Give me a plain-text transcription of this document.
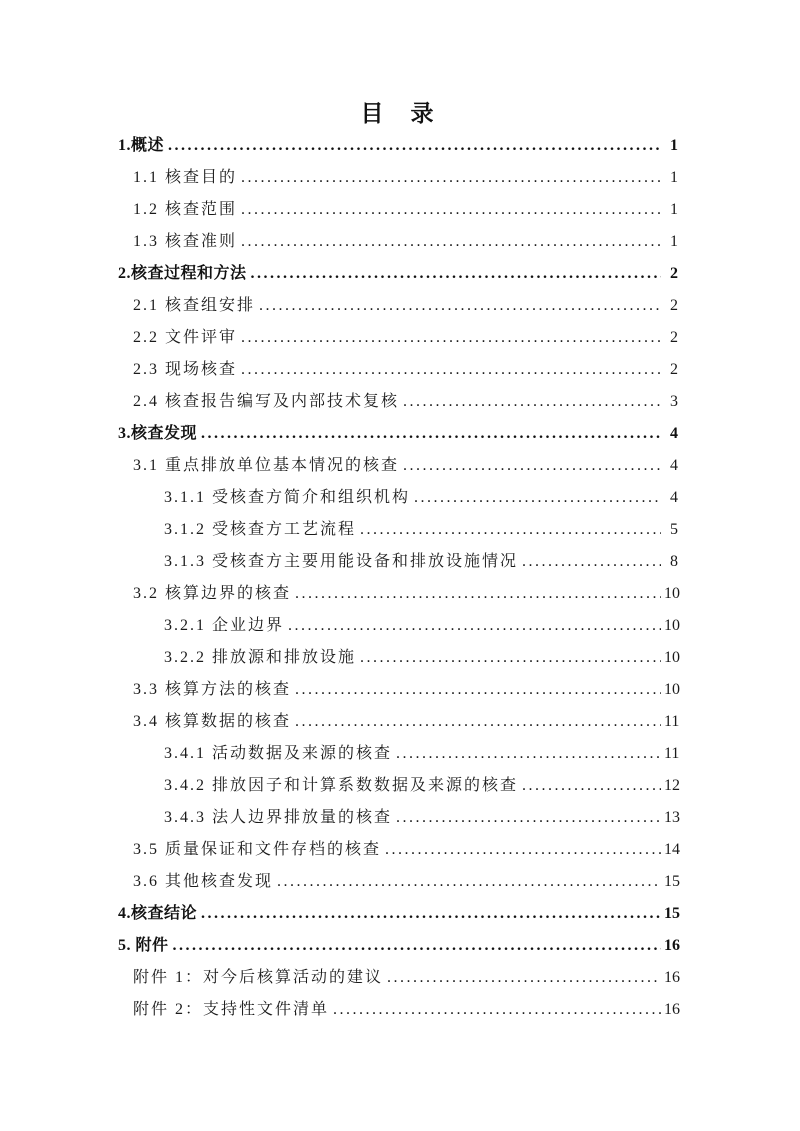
目　录
1.概述 .....	1
1.1 核查目的 .....	1
1.2 核查范围 .....	1
1.3 核查准则 .....	1
2.核查过程和方法 .....	2
2.1 核查组安排 .....	2
2.2 文件评审 .....	2
2.3 现场核查 .....	2
2.4 核查报告编写及内部技术复核 .....	3
3.核查发现 .....	4
3.1 重点排放单位基本情况的核查 .....	4
3.1.1 受核查方简介和组织机构 .....	4
3.1.2 受核查方工艺流程 .....	5
3.1.3 受核查方主要用能设备和排放设施情况 .....	8
3.2 核算边界的核查 .....	10
3.2.1 企业边界 .....	10
3.2.2 排放源和排放设施 .....	10
3.3 核算方法的核查 .....	10
3.4 核算数据的核查 .....	11
3.4.1 活动数据及来源的核查 .....	11
3.4.2 排放因子和计算系数数据及来源的核查 .....	12
3.4.3 法人边界排放量的核查 .....	13
3.5 质量保证和文件存档的核查 .....	14
3.6 其他核查发现 .....	15
4.核查结论 .....	15
5. 附件 .....	16
附件 1：对今后核算活动的建议 .....	16
附件 2：支持性文件清单 .....	16
